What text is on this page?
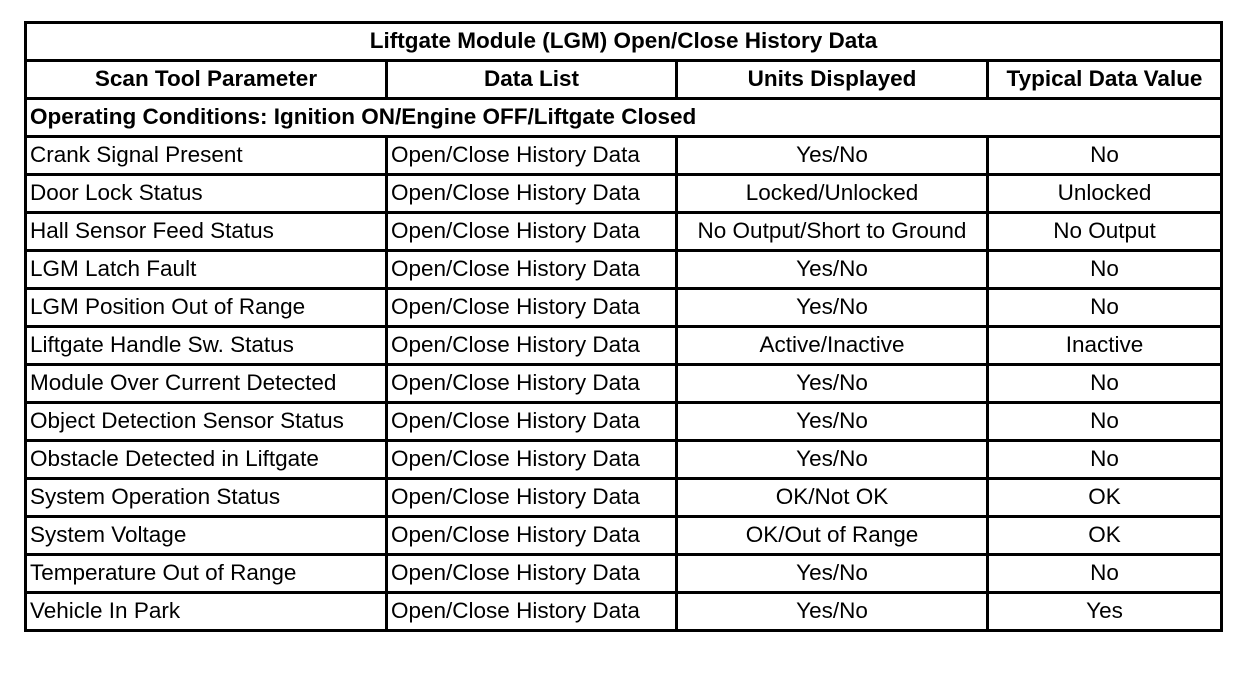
Liftgate Module (LGM) Open/Close History Data			
Scan Tool Parameter	Data List	Units Displayed	Typical Data Value
Operating Conditions: Ignition ON/Engine OFF/Liftgate Closed			
Crank Signal Present	Open/Close History Data	Yes/No	No
Door Lock Status	Open/Close History Data	Locked/Unlocked	Unlocked
Hall Sensor Feed Status	Open/Close History Data	No Output/Short to Ground	No Output
LGM Latch Fault	Open/Close History Data	Yes/No	No
LGM Position Out of Range	Open/Close History Data	Yes/No	No
Liftgate Handle Sw. Status	Open/Close History Data	Active/Inactive	Inactive
Module Over Current Detected	Open/Close History Data	Yes/No	No
Object Detection Sensor Status	Open/Close History Data	Yes/No	No
Obstacle Detected in Liftgate	Open/Close History Data	Yes/No	No
System Operation Status	Open/Close History Data	OK/Not OK	OK
System Voltage	Open/Close History Data	OK/Out of Range	OK
Temperature Out of Range	Open/Close History Data	Yes/No	No
Vehicle In Park	Open/Close History Data	Yes/No	Yes
